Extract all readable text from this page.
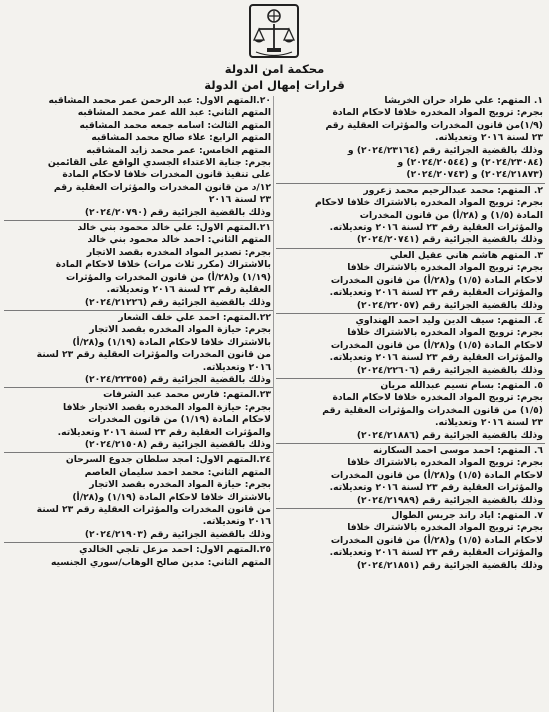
محكمة امن الدولة
قرارات إمهال امن الدولة
١. المتهم: علي طراد حران الخريشا
بجرم: ترويج المواد المخدره خلافا لاحكام المادة
(١/٩)من قانون المخدرات والمؤثرات العقلية رقم
٢٣ لسنة ٢٠١٦ وتعديلاته.
وذلك بالقضية الجزائية رقم (٢٠٢٤/٢٣١٦٤) و
(٢٠٢٤/٢٣٠٨٤) و (٢٠٢٤/٢٠٥٤٤) و
(٢٠٢٤/٢١٨٧٣) و (٢٠٢٤/٢٠٧٤٣)
٢. المتهم: محمد عبدالرحيم محمد زعرور
بجرم: ترويج المواد المخدره بالاشتراك خلافا لاحكام
المادة (١/٥) و (٢٨/أ) من قانون المخدرات
والمؤثرات العقلية رقم ٢٣ لسنة ٢٠١٦ وتعديلاته.
وذلك بالقضية الجزائية رقم (٢٠٢٤/٢٠٧٤١)
٣. المتهم هاشم هاني عقيل العلي
بجرم: ترويج المواد المخدره بالاشتراك خلافا
لاحكام المادة (١/٥) و(٢٨/أ) من قانون المخدرات
والمؤثرات العقلية رقم ٢٣ لسنة ٢٠١٦ وتعديلاته.
وذلك بالقضية الجزائية رقم (٢٠٢٤/٢٢٠٥٧)
٤. المتهم: سيف الدين وليد احمد الهنداوي
بجرم: ترويج المواد المخدره بالاشتراك خلافا
لاحكام المادة (١/٥) و(٢٨/أ) من قانون المخدرات
والمؤثرات العقلية رقم ٢٣ لسنة ٢٠١٦ وتعديلاته.
وذلك بالقضية الجزائية رقم (٢٠٢٤/٢٢٦٠٦)
٥. المتهم: بسام نسيم عبدالله مريان
بجرم: ترويج المواد المخدره خلافا لاحكام المادة
(١/٥) من قانون المخدرات والمؤثرات العقلية رقم
٢٣ لسنة ٢٠١٦ وتعديلاته.
وذلك بالقضية الجزائية رقم (٢٠٢٤/٢١٨٨٦)
٦. المتهم: احمد موسى احمد السكارنه
بجرم: ترويج المواد المخدره بالاشتراك خلافا
لاحكام المادة (١/٥) و(٢٨/أ) من قانون المخدرات
والمؤثرات العقلية رقم ٢٣ لسنة ٢٠١٦ وتعديلاته.
وذلك بالقضية الجزائية رقم (٢٠٢٤/٢١٩٨٩)
٧. المتهم: اياد راند جريس الطوال
بجرم: ترويج المواد المخدره بالاشتراك خلافا
لاحكام المادة (١/٥) و(٢٨/أ) من قانون المخدرات
والمؤثرات العقلية رقم ٢٣ لسنة ٢٠١٦ وتعديلاته.
وذلك بالقضية الجزائية رقم (٢٠٢٤/٢١٨٥١)
٢٠.المتهم الاول: عبد الرحمن عمر محمد المشاقبه
المتهم الثاني: عبد الله عمر محمد المشاقبه
المتهم الثالث: اسامه جمعه محمد المشاقبه
المتهم الرابع: علاء صالح محمد المشاقبه
المتهم الخامس: عمر محمد زايد المشاقبه
بجرم: جناية الاعتداء الجسدي الواقع على القائمين
على تنفيذ قانون المخدرات خلافا لاحكام المادة
١٢/د من قانون المخدرات والمؤثرات العقلية رقم
٢٣ لسنة ٢٠١٦
وذلك بالقضية الجزائية رقم (٢٠٢٤/٢٠٧٩٠)
٢١.المتهم الاول: علي خالد محمود بني خالد
المتهم الثاني: احمد خالد محمود بني خالد
بجرم: تصدير المواد المخدره بقصد الاتجار
بالاشتراك (مكرر ثلاث مرات) خلافا لاحكام المادة
(١/١٩) و(٢٨/أ) من قانون المخدرات والمؤثرات
العقلية رقم ٢٣ لسنة ٢٠١٦ وتعديلاته.
وذلك بالقضية الجزائية رقم (٢٠٢٤/٢١٢٢٦)
٢٢.المتهم: احمد علي خلف الشعار
بجرم: حيازة المواد المخدره بقصد الاتجار
بالاشتراك خلافا لاحكام المادة (١/١٩) و(٢٨/أ)
من قانون المخدرات والمؤثرات العقلية رقم ٢٣ لسنة
٢٠١٦ وتعديلاته.
وذلك بالقضية الجزائية رقم (٢٠٢٤/٢٢٣٥٥)
٢٣.المتهم: فارس محمد عبد الشرفات
بجرم: حيازة المواد المخدره بقصد الاتجار خلافا
لاحكام المادة (١/١٩) من قانون المخدرات
والمؤثرات العقلية رقم ٢٣ لسنة ٢٠١٦ وتعديلاته.
وذلك بالقضية الجزائية رقم (٢٠٢٤/٢١٥٠٨)
٢٤.المتهم الاول: امجد سلطان جدوع السرحان
المتهم الثاني: محمد احمد سليمان العاصم
بجرم: حيازة المواد المخدره بقصد الاتجار
بالاشتراك خلافا لاحكام المادة (١/١٩) و(٢٨/أ)
من قانون المخدرات والمؤثرات العقلية رقم ٢٣ لسنة
٢٠١٦ وتعديلاته.
وذلك بالقضية الجزائية رقم (٢٠٢٤/٢١٩٠٣)
٢٥.المتهم الاول: احمد مزعل تلجي الخالدي
المتهم الثاني: مدين صالح الوهاب/سوري الجنسيه
